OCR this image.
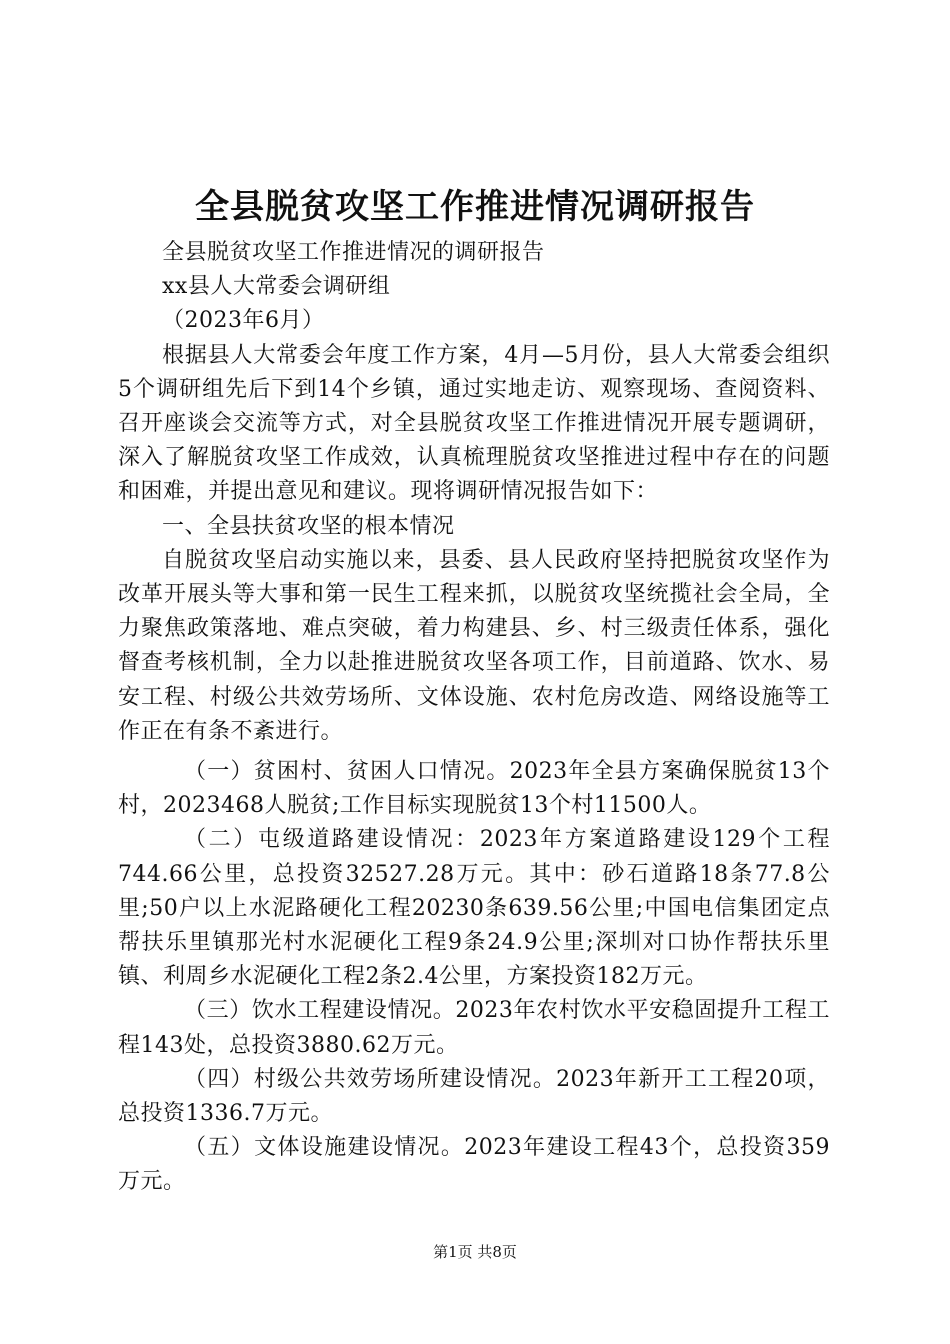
全县脱贫攻坚工作推进情况调研报告

全县脱贫攻坚工作推进情况的调研报告

xx县人大常委会调研组

（2023年6月）

根据县人大常委会年度工作方案，4月—5月份，县人大常委会组织5个调研组先后下到14个乡镇，通过实地走访、观察现场、查阅资料、召开座谈会交流等方式，对全县脱贫攻坚工作推进情况开展专题调研，深入了解脱贫攻坚工作成效，认真梳理脱贫攻坚推进过程中存在的问题和困难，并提出意见和建议。现将调研情况报告如下：

一、全县扶贫攻坚的根本情况

自脱贫攻坚启动实施以来，县委、县人民政府坚持把脱贫攻坚作为改革开展头等大事和第一民生工程来抓，以脱贫攻坚统揽社会全局，全力聚焦政策落地、难点突破，着力构建县、乡、村三级责任体系，强化督查考核机制，全力以赴推进脱贫攻坚各项工作，目前道路、饮水、易安工程、村级公共效劳场所、文体设施、农村危房改造、网络设施等工作正在有条不紊进行。

（一）贫困村、贫困人口情况。2023年全县方案确保脱贫13个村，2023468人脱贫;工作目标实现脱贫13个村11500人。

（二）屯级道路建设情况：2023年方案道路建设129个工程744.66公里，总投资32527.28万元。其中：砂石道路18条77.8公里;50户以上水泥路硬化工程20230条639.56公里;中国电信集团定点帮扶乐里镇那光村水泥硬化工程9条24.9公里;深圳对口协作帮扶乐里镇、利周乡水泥硬化工程2条2.4公里，方案投资182万元。

（三）饮水工程建设情况。2023年农村饮水平安稳固提升工程工程143处，总投资3880.62万元。

（四）村级公共效劳场所建设情况。2023年新开工工程20项，总投资1336.7万元。

（五）文体设施建设情况。2023年建设工程43个，总投资359万元。

第1页 共8页
